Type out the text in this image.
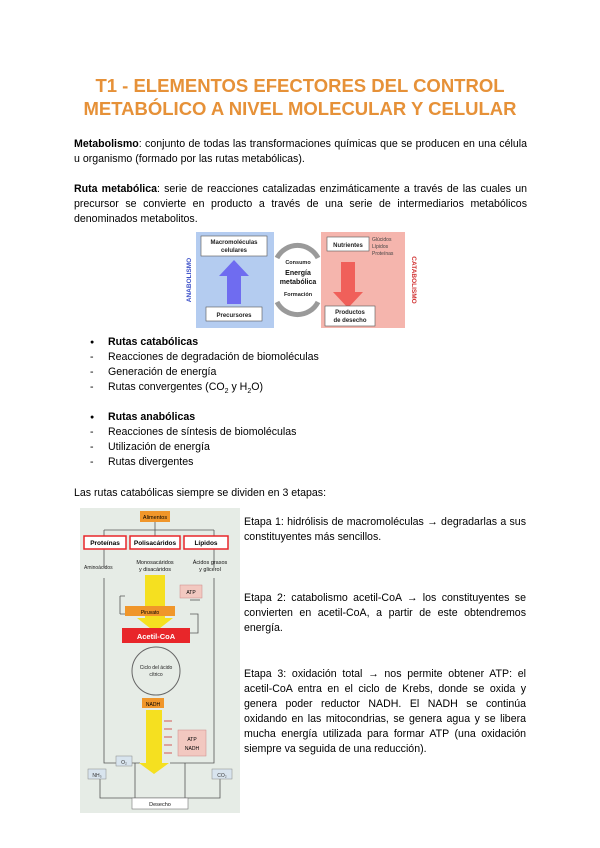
T1 - ELEMENTOS EFECTORES DEL CONTROL
METABÓLICO A NIVEL MOLECULAR Y CELULAR
Metabolismo: conjunto de todas las transformaciones químicas que se producen en una célula u organismo (formado por las rutas metabólicas).
Ruta metabólica: serie de reacciones catalizadas enzimáticamente a través de las cuales un precursor se convierte en producto a través de una serie de intermediarios metabólicos denominados metabolitos.
ANABOLISMO	CATABOLISMO
Macromoléculas
celulares
Precursores
Consumo
Energía
metabólica
Formación
Nutrientes
Glúcidos
Lípidos
Proteínas
Productos
de desecho
● Rutas catabólicas
- Reacciones de degradación de biomoléculas
- Generación de energía
- Rutas convergentes ($CO_2$ y $H_2O$)
● Rutas anabólicas
- Reacciones de síntesis de biomoléculas
- Utilización de energía
- Rutas divergentes
Las rutas catabólicas siempre se dividen en 3 etapas:
Alimentos
Proteínas Polisacáridos	Lípidos
Aminoácidos
Monosacáridos
y disacáridos
Ácidos grasos
y glicerol
ATP
Piruvato
Acetil-CoA
Ciclo del ácido
cítrico
NADH
ATP
NADH
NH₃
O₂
CO₂
Desecho
Etapa 1: hidrólisis de macromoléculas → degradarlas a sus constituyentes más sencillos.
Etapa 2: catabolismo acetil-CoA → los constituyentes se convierten en acetil-CoA, a partir de este obtendremos energía.
Etapa 3: oxidación total → nos permite obtener ATP: el acetil-CoA entra en el ciclo de Krebs, donde se oxida y genera poder reductor NADH. El NADH se continúa oxidando en las mitocondrias, se genera agua y se libera mucha energía utilizada para formar ATP (una oxidación siempre va seguida de una reducción).
